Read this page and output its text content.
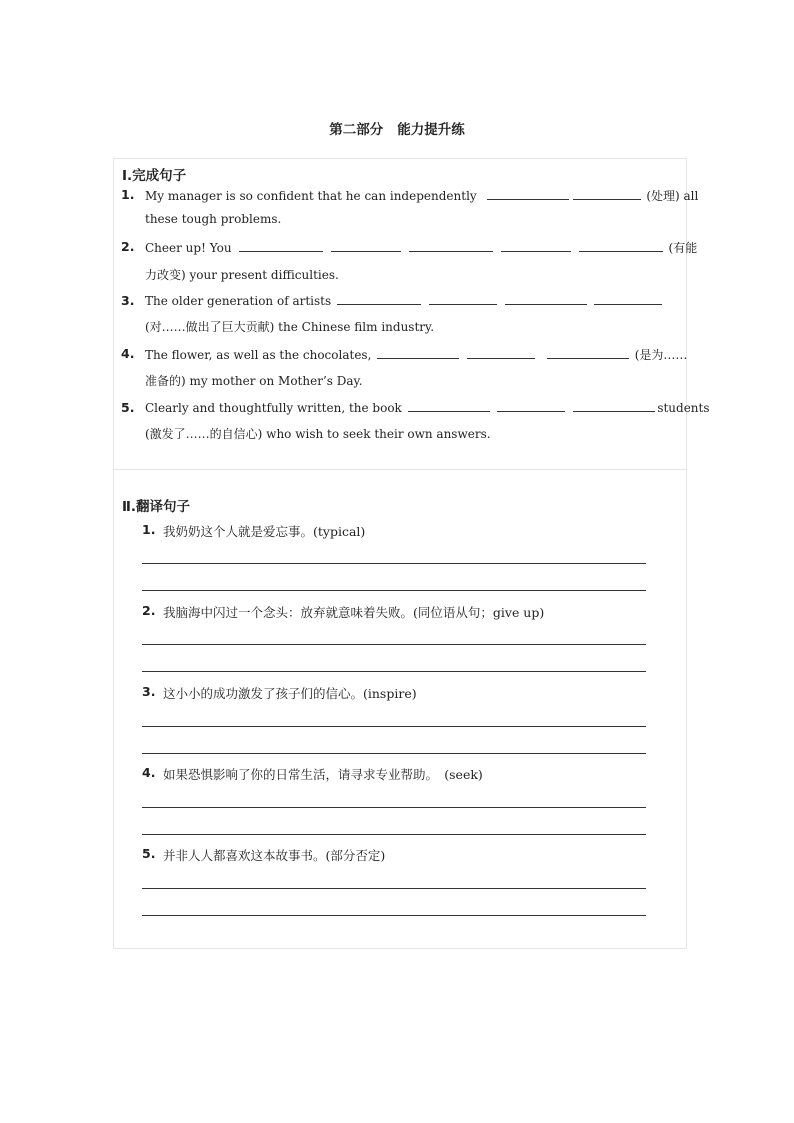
第二部分 能力提升练
Ⅰ.完成句子
1. My manager is so confident that he can independently	(处理) all
these tough problems.
2. Cheer up! You	(有能
力改变) your present difficulties.
3. The older generation of artists
(对……做出了巨大贡献) the Chinese film industry.
4. The flower, as well as the chocolates,	(是为……
准备的) my mother on Mother’s Day.
5. Clearly and thoughtfully written, the book	students
(激发了……的自信心) who wish to seek their own answers.
Ⅱ.翻译句子
1. 我奶奶这个人就是爱忘事。(typical)
2. 我脑海中闪过一个念头：放弃就意味着失败。(同位语从句；give up)
3. 这小小的成功激发了孩子们的信心。(inspire)
4. 如果恐惧影响了你的日常生活，请寻求专业帮助。　(seek)
5. 并非人人都喜欢这本故事书。(部分否定)
